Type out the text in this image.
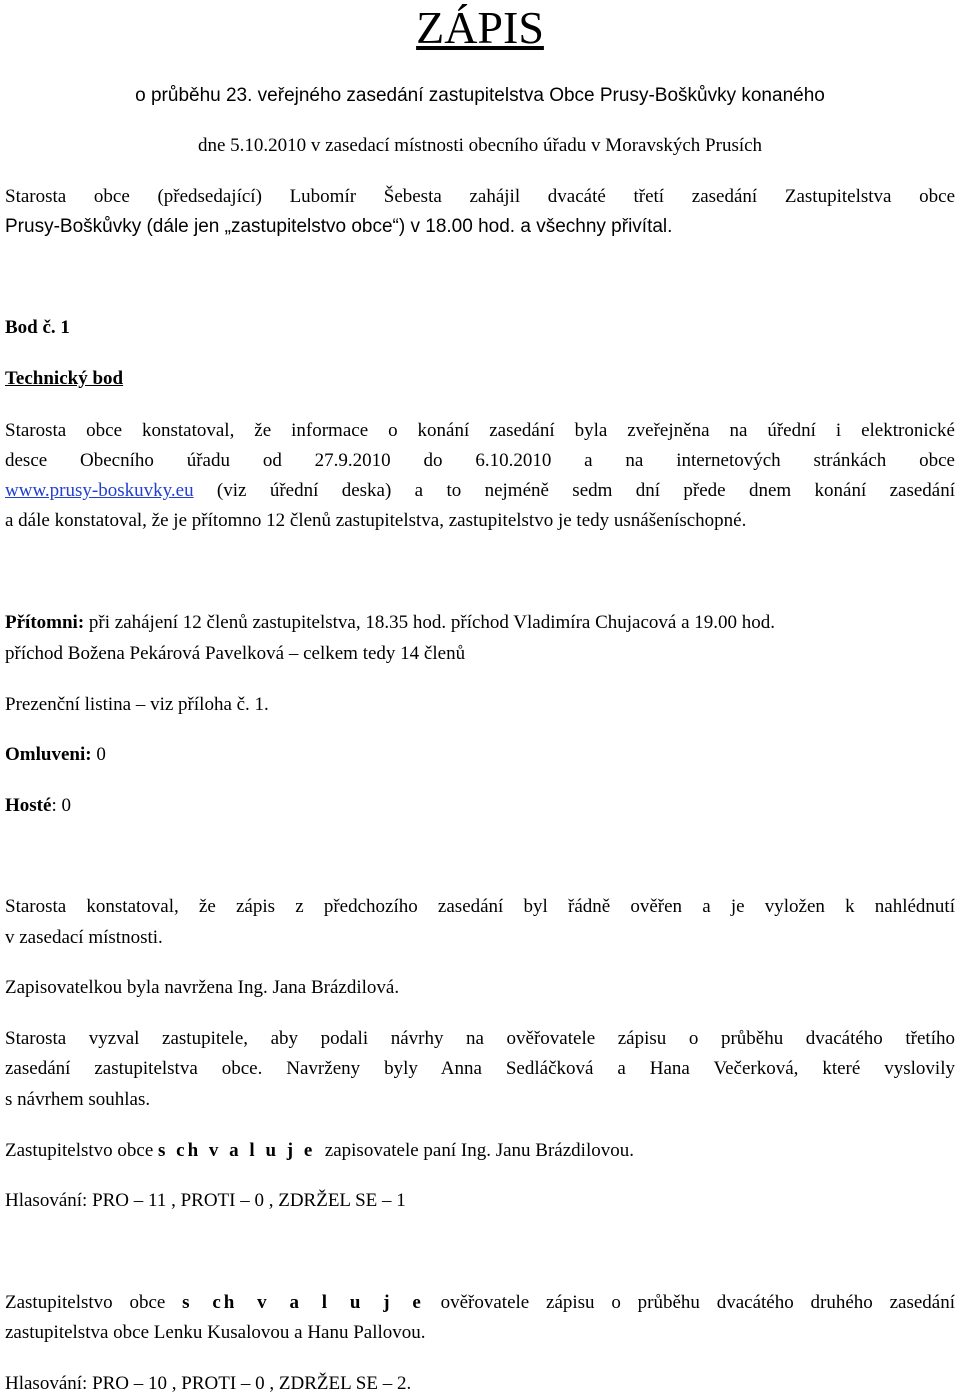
ZÁPIS
o průběhu 23. veřejného zasedání zastupitelstva Obce Prusy-Boškůvky konaného
dne 5.10.2010 v zasedací místnosti obecního úřadu v Moravských Prusích
Starosta obce (předsedající) Lubomír Šebesta zahájil dvacáté třetí zasedání Zastupitelstva obce
Prusy-Boškůvky (dále jen „zastupitelstvo obce“) v 18.00 hod. a všechny přivítal.
Bod č. 1
Technický bod
Starosta obce konstatoval, že informace o konání zasedání byla zveřejněna na úřední i elektronické
desce Obecního úřadu od 27.9.2010 do 6.10.2010 a na internetových stránkách obce
www.prusy-boskuvky.eu (viz úřední deska) a to nejméně sedm dní přede dnem konání zasedání
a dále konstatoval, že je přítomno 12 členů zastupitelstva, zastupitelstvo je tedy usnášeníschopné.
Přítomni: při zahájení 12 členů zastupitelstva, 18.35 hod. příchod Vladimíra Chujacová a 19.00 hod.
příchod Božena Pekárová Pavelková – celkem tedy 14 členů
Prezenční listina – viz příloha č. 1.
Omluveni: 0
Hosté: 0
Starosta konstatoval, že zápis z předchozího zasedání byl řádně ověřen a je vyložen k nahlédnutí
v zasedací místnosti.
Zapisovatelkou byla navržena Ing. Jana Brázdilová.
Starosta vyzval zastupitele, aby podali návrhy na ověřovatele zápisu o průběhu dvacátého třetího
zasedání zastupitelstva obce. Navrženy byly Anna Sedláčková a Hana Večerková, které vyslovily
s návrhem souhlas.
Zastupitelstvo obce s ch v a l u j e  zapisovatele paní Ing. Janu Brázdilovou.
Hlasování: PRO – 11 , PROTI – 0 , ZDRŽEL SE – 1
Zastupitelstvo obce s ch v a l u j e ověřovatele zápisu o průběhu dvacátého druhého zasedání
zastupitelstva obce Lenku Kusalovou a Hanu Pallovou.
Hlasování: PRO – 10 , PROTI – 0 , ZDRŽEL SE – 2.
